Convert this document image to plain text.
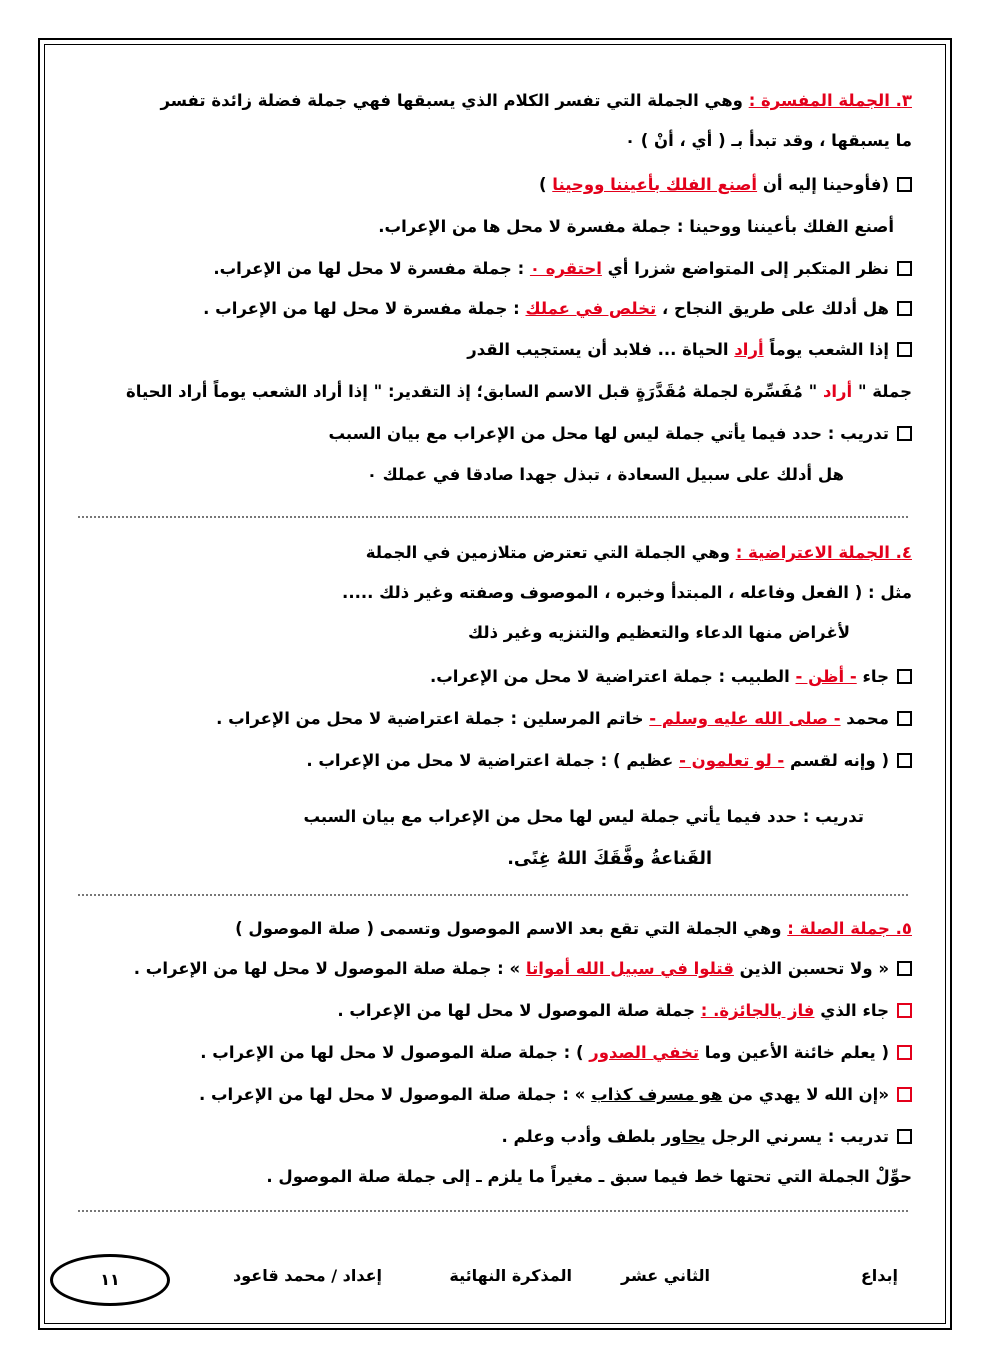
٣. الجملة المفسرة : وهي الجملة التي تفسر الكلام الذي يسبقها فهي جملة فضلة زائدة تفسر
ما يسبقها ، وقد تبدأ بـ ( أي ، أنْ ) ٠
(فأوحينا إليه أن أصنع الفلك بأعيننا ووحينا )
أصنع الفلك بأعيننا ووحينا : جملة مفسرة لا محل ها من الإعراب.
نظر المتكبر إلى المتواضع شزرا أي احتقره ٠ : جملة مفسرة لا محل لها من الإعراب.
هل أدلك على طريق النجاح ، تخلص في عملك : جملة مفسرة لا محل لها من الإعراب .
إذا الشعب يوماً أراد الحياة ... فلابد أن يستجيب القدر
جملة " أراد " مُفَسِّرة لجملة مُقَدَّرَةٍ قبل الاسم السابق؛ إذ التقدير: " إذا أراد الشعب يوماً أراد الحياة
تدريب : حدد فيما يأتي جملة ليس لها محل من الإعراب مع بيان السبب
هل أدلك على سبيل السعادة ، تبذل جهدا صادقا في عملك ٠
٤. الجملة الاعتراضية : وهي الجملة التي تعترض متلازمين في الجملة
مثل : ( الفعل وفاعله ، المبتدأ وخبره ، الموصوف وصفته وغير ذلك .....
لأغراض منها الدعاء والتعظيم والتنزيه وغير ذلك
جاء - أظن - الطبيب : جملة اعتراضية لا محل من الإعراب.
محمد - صلى الله عليه وسلم - خاتم المرسلين : جملة اعتراضية لا محل من الإعراب .
( وإنه لقسم - لو تعلمون - عظيم ) : جملة اعتراضية لا محل من الإعراب .
تدريب : حدد فيما يأتي جملة ليس لها محل من الإعراب مع بيان السبب
القَناعةُ وفَّقَكَ اللهُ غِنًى.
٥. جملة الصلة : وهي الجملة التي تقع بعد الاسم الموصول وتسمى ( صلة الموصول )
« ولا تحسبن الذين قتلوا في سبيل الله أمواتا » : جملة صلة الموصول لا محل لها من الإعراب .
جاء الذي فاز بالجائزة. : جملة صلة الموصول لا محل لها من الإعراب .
( يعلم خائنة الأعين وما تخفي الصدور ) : جملة صلة الموصول لا محل لها من الإعراب .
«إن الله لا يهدي من هو مسرف كذاب » : جملة صلة الموصول لا محل لها من الإعراب .
تدريب : يسرني الرجل يحاور بلطف وأدب وعلم .
حوِّلْ الجملة التي تحتها خط فيما سبق ـ مغيراً ما يلزم ـ إلى جملة صلة الموصول .
إبداع
الثاني عشر
المذكرة النهائية
إعداد / محمد قاعود
١١
